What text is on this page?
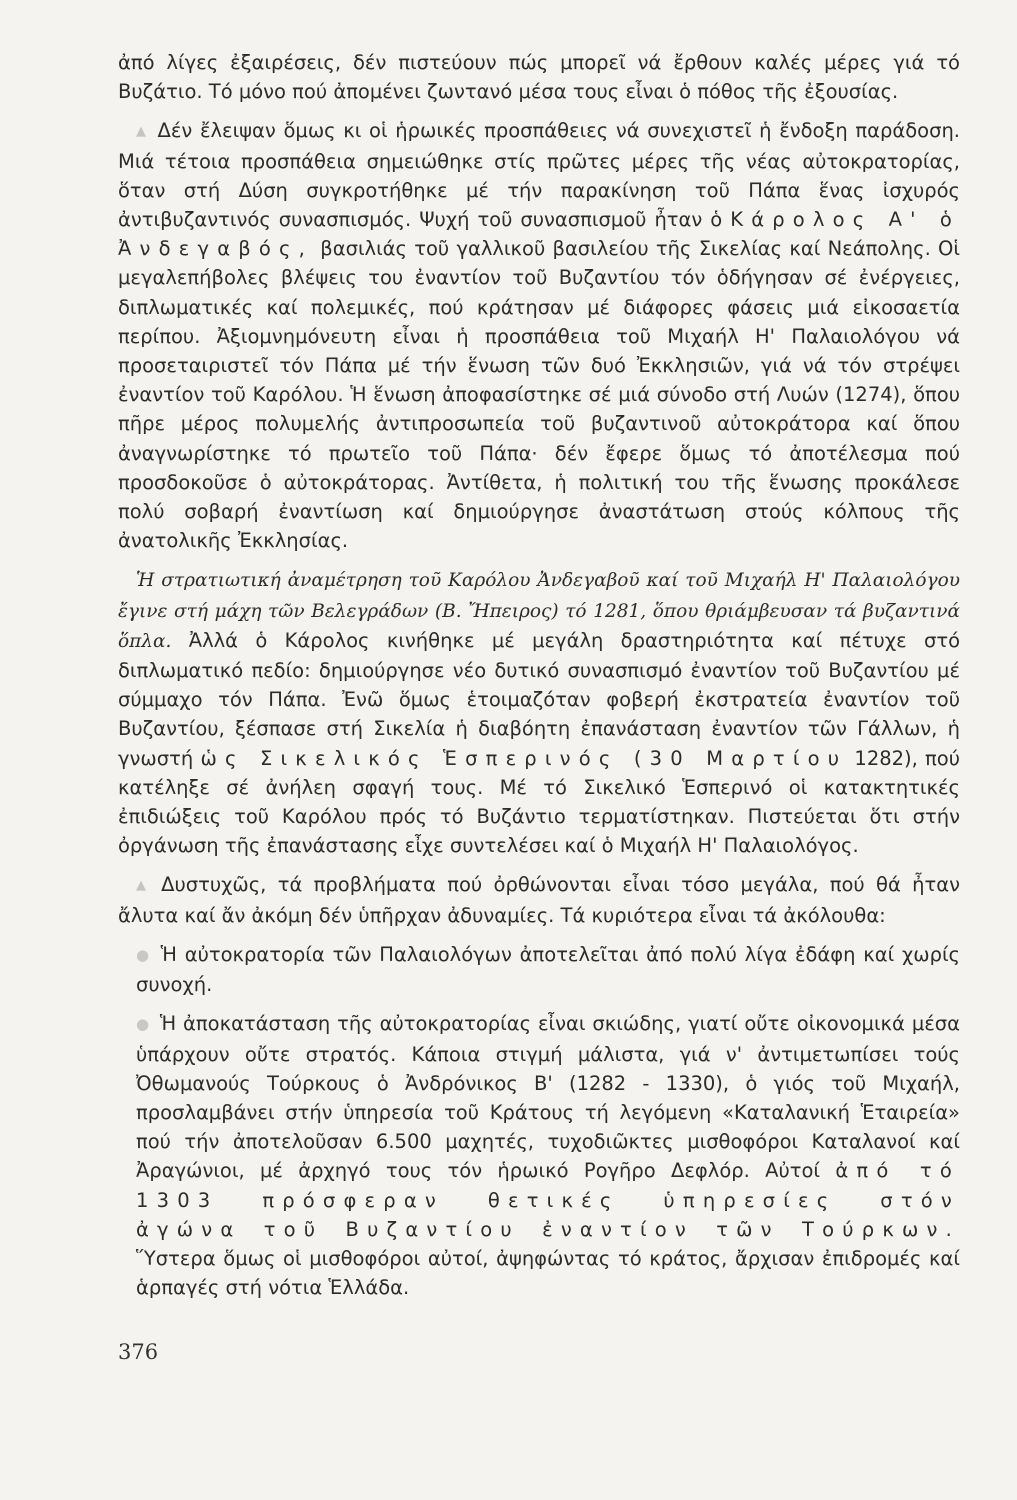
ἀπό λίγες ἐξαιρέσεις, δέν πιστεύουν πώς μπορεῖ νά ἔρθουν καλές μέρες γιά τό Βυζάτιο. Τό μόνο πού ἀπομένει ζωντανό μέσα τους εἶναι ὁ πόθος τῆς ἐξουσίας.

▲ Δέν ἔλειψαν ὅμως κι οἱ ἡρωικές προσπάθειες νά συνεχιστεῖ ἡ ἔνδοξη παράδοση. Μιά τέτοια προσπάθεια σημειώθηκε στίς πρῶτες μέρες τῆς νέας αὐτοκρατορίας, ὅταν στή Δύση συγκροτήθηκε μέ τήν παρακίνηση τοῦ Πάπα ἕνας ἰσχυρός ἀντιβυζαντινός συνασπισμός. Ψυχή τοῦ συνασπισμοῦ ἦταν ὁ Κάρολος Α' ὁ Ἀνδεγαβός, βασιλιάς τοῦ γαλλικοῦ βασιλείου τῆς Σικελίας καί Νεάπολης. Οἱ μεγαλεπήβολες βλέψεις του ἐναντίον τοῦ Βυζαντίου τόν ὁδήγησαν σέ ἐνέργειες, διπλωματικές καί πολεμικές, πού κράτησαν μέ διάφορες φάσεις μιά εἰκοσαετία περίπου. Ἀξιομνημόνευτη εἶναι ἡ προσπάθεια τοῦ Μιχαήλ Η' Παλαιολόγου νά προσεταιριστεῖ τόν Πάπα μέ τήν ἕνωση τῶν δυό Ἐκκλησιῶν, γιά νά τόν στρέψει ἐναντίον τοῦ Καρόλου. Ἡ ἕνωση ἀποφασίστηκε σέ μιά σύνοδο στή Λυών (1274), ὅπου πῆρε μέρος πολυμελής ἀντιπροσωπεία τοῦ βυζαντινοῦ αὐτοκράτορα καί ὅπου ἀναγνωρίστηκε τό πρωτεῖο τοῦ Πάπα· δέν ἔφερε ὅμως τό ἀποτέλεσμα πού προσδοκοῦσε ὁ αὐτοκράτορας. Ἀντίθετα, ἡ πολιτική του τῆς ἕνωσης προκάλεσε πολύ σοβαρή ἐναντίωση καί δημιούργησε ἀναστάτωση στούς κόλπους τῆς ἀνατολικῆς Ἐκκλησίας.

Ἡ στρατιωτική ἀναμέτρηση τοῦ Καρόλου Ἀνδεγαβοῦ καί τοῦ Μιχαήλ Η' Παλαιολόγου ἔγινε στή μάχη τῶν Βελεγράδων (Β. Ἤπειρος) τό 1281, ὅπου θριάμβευσαν τά βυζαντινά ὅπλα. Ἀλλά ὁ Κάρολος κινήθηκε μέ μεγάλη δραστηριότητα καί πέτυχε στό διπλωματικό πεδίο: δημιούργησε νέο δυτικό συνασπισμό ἐναντίον τοῦ Βυζαντίου μέ σύμμαχο τόν Πάπα. Ἐνῶ ὅμως ἑτοιμαζόταν φοβερή ἐκστρατεία ἐναντίον τοῦ Βυζαντίου, ξέσπασε στή Σικελία ἡ διαβόητη ἐπανάσταση ἐναντίον τῶν Γάλλων, ἡ γνωστή ὡς Σικελικός Ἑσπερινός (30 Μαρτίου 1282), πού κατέληξε σέ ἀνήλεη σφαγή τους. Μέ τό Σικελικό Ἑσπερινό οἱ κατακτητικές ἐπιδιώξεις τοῦ Καρόλου πρός τό Βυζάντιο τερματίστηκαν. Πιστεύεται ὅτι στήν ὀργάνωση τῆς ἐπανάστασης εἶχε συντελέσει καί ὁ Μιχαήλ Η' Παλαιολόγος.

▲ Δυστυχῶς, τά προβλήματα πού ὀρθώνονται εἶναι τόσο μεγάλα, πού θά ἦταν ἄλυτα καί ἄν ἀκόμη δέν ὑπῆρχαν ἀδυναμίες. Τά κυριότερα εἶναι τά ἀκόλουθα:

● Ἡ αὐτοκρατορία τῶν Παλαιολόγων ἀποτελεῖται ἀπό πολύ λίγα ἐδάφη καί χωρίς συνοχή.

● Ἡ ἀποκατάσταση τῆς αὐτοκρατορίας εἶναι σκιώδης, γιατί οὔτε οἰκονομικά μέσα ὑπάρχουν οὔτε στρατός. Κάποια στιγμή μάλιστα, γιά ν' ἀντιμετωπίσει τούς Ὀθωμανούς Τούρκους ὁ Ἀνδρόνικος Β' (1282 - 1330), ὁ γιός τοῦ Μιχαήλ, προσλαμβάνει στήν ὑπηρεσία τοῦ Κράτους τή λεγόμενη «Καταλανική Ἑταιρεία» πού τήν ἀποτελοῦσαν 6.500 μαχητές, τυχοδιῶκτες μισθοφόροι Καταλανοί καί Ἀραγώνιοι, μέ ἀρχηγό τους τόν ἡρωικό Ρογῆρο Δεφλόρ. Αὐτοί ἀπό τό 1303 πρόσφεραν θετικές ὑπηρεσίες στόν ἀγώνα τοῦ Βυζαντίου ἐναντίον τῶν Τούρκων. Ὕστερα ὅμως οἱ μισθοφόροι αὐτοί, ἀψηφώντας τό κράτος, ἄρχισαν ἐπιδρομές καί ἁρπαγές στή νότια Ἑλλάδα.

376
